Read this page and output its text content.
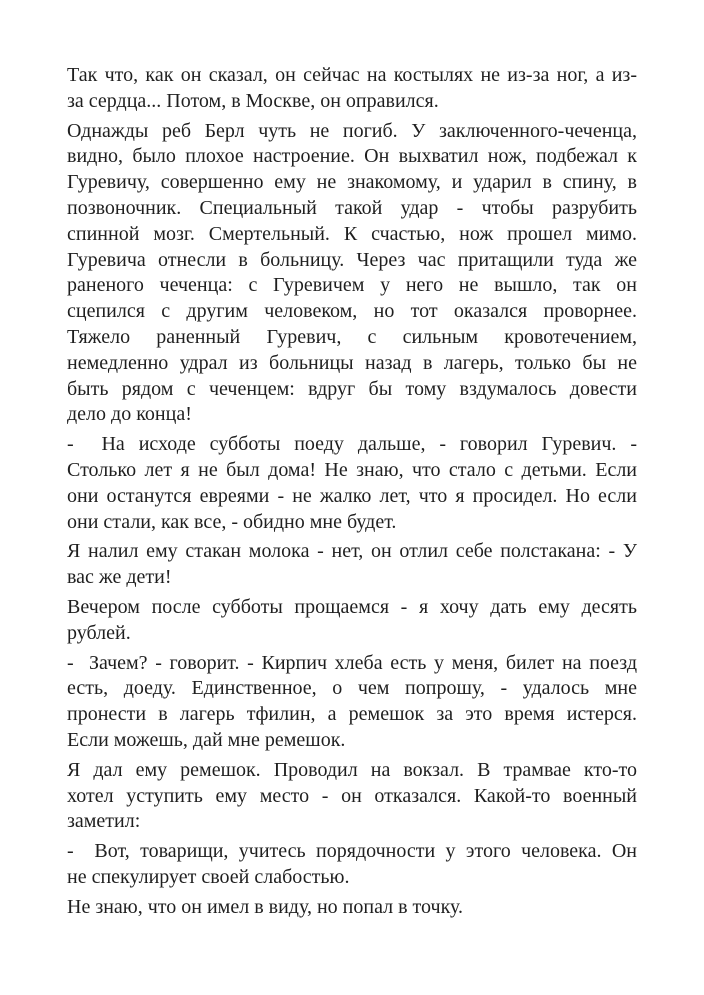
Так что, как он сказал, он сейчас на костылях не из-за ног, а из-
за сердца... Потом, в Москве, он оправился.
Однажды реб Берл чуть не погиб. У заключенного-чеченца,
видно, было плохое настроение. Он выхватил нож, подбежал к
Гуревичу, совершенно ему не знакомому, и ударил в спину, в
позвоночник. Специальный такой удар - чтобы разрубить
спинной мозг. Смертельный. К счастью, нож прошел мимо.
Гуревича отнесли в больницу. Через час притащили туда же
раненого чеченца: с Гуревичем у него не вышло, так он
сцепился с другим человеком, но тот оказался проворнее.
Тяжело раненный Гуревич, с сильным кровотечением,
немедленно удрал из больницы назад в лагерь, только бы не
быть рядом с чеченцем: вдруг бы тому вздумалось довести
дело до конца!
-  На исходе субботы поеду дальше, - говорил Гуревич. -
Столько лет я не был дома! Не знаю, что стало с детьми. Если
они останутся евреями - не жалко лет, что я просидел. Но если
они стали, как все, - обидно мне будет.
Я налил ему стакан молока - нет, он отлил себе полстакана: - У
вас же дети!
Вечером после субботы прощаемся - я хочу дать ему десять
рублей.
-  Зачем? - говорит. - Кирпич хлеба есть у меня, билет на поезд
есть, доеду. Единственное, о чем попрошу, - удалось мне
пронести в лагерь тфилин, а ремешок за это время истерся.
Если можешь, дай мне ремешок.
Я дал ему ремешок. Проводил на вокзал. В трамвае кто-то
хотел уступить ему место - он отказался. Какой-то военный
заметил:
-  Вот, товарищи, учитесь порядочности у этого человека. Он
не спекулирует своей слабостью.
Не знаю, что он имел в виду, но попал в точку.
